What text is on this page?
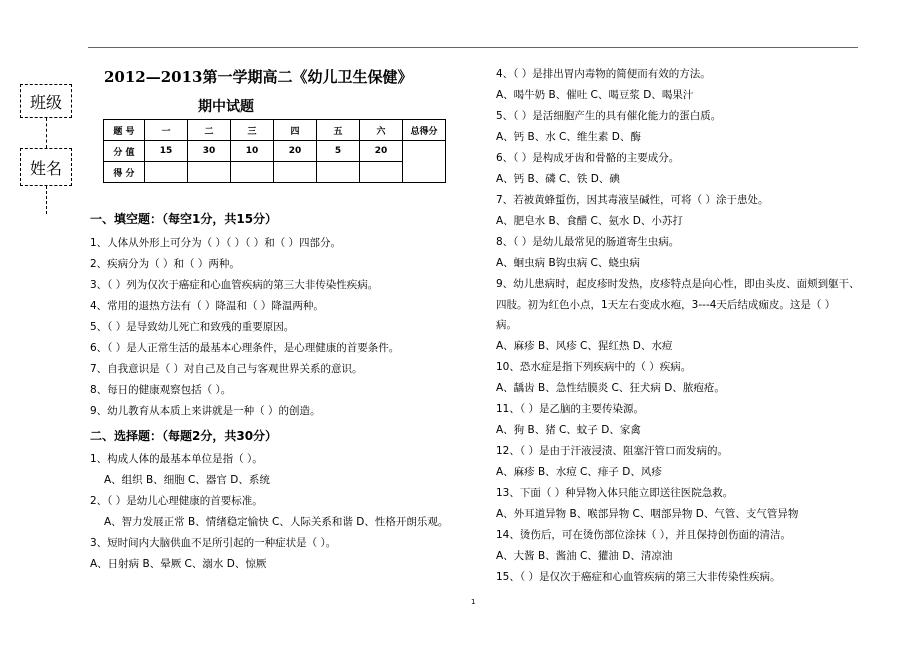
班级
姓名
2012—2013第一学期高二《幼儿卫生保健》
期中试题
题 号	一	二	三	四	五	六	总得分
分 值	15	30	10	20	5	20	
得 分							
一、填空题：（每空1分，共15分）
1、人体从外形上可分为（ ）（ ）（ ）和（ ）四部分。
2、疾病分为（ ）和（ ）两种。
3、（ ）列为仅次于癌症和心血管疾病的第三大非传染性疾病。
4、常用的退热方法有（ ）降温和（ ）降温两种。
5、（ ）是导致幼儿死亡和致残的重要原因。
6、（ ）是人正常生活的最基本心理条件，是心理健康的首要条件。
7、自我意识是（ ）对自己及自己与客观世界关系的意识。
8、每日的健康观察包括（ ）。
9、幼儿教育从本质上来讲就是一种（ ）的创造。
二、选择题：（每题2分，共30分）
1、构成人体的最基本单位是指（ ）。
A、组织 B、细胞 C、器官 D、系统
2、（ ）是幼儿心理健康的首要标准。
A、智力发展正常 B、情绪稳定愉快 C、人际关系和谐 D、性格开朗乐观。
3、短时间内大脑供血不足所引起的一种症状是（ ）。
A、日射病 B、晕厥 C、溺水 D、惊厥
4、（ ）是排出胃内毒物的简便而有效的方法。
A、喝牛奶 B、催吐 C、喝豆浆 D、喝果汁
5、（ ）是活细胞产生的具有催化能力的蛋白质。
A、钙 B、水 C、维生素 D、酶
6、（ ）是构成牙齿和骨骼的主要成分。
A、钙 B、磷 C、铁 D、碘
7、若被黄蜂蜇伤，因其毒液呈碱性，可将（ ）涂于患处。
A、肥皂水 B、食醋 C、氨水 D、小苏打
8、（ ）是幼儿最常见的肠道寄生虫病。
A、蛔虫病 B钩虫病 C、蛲虫病
9、幼儿患病时，起皮疹时发热，皮疹特点是向心性，即由头皮、面颊到躯干、
四肢。初为红色小点，1天左右变成水疱，3---4天后结成痂皮。这是（ ）
病。
A、麻疹 B、风疹 C、猩红热 D、水痘
10、恐水症是指下列疾病中的（ ）疾病。
A、龋齿 B、急性结膜炎 C、狂犬病 D、脓疱疮。
11、（ ）是乙脑的主要传染源。
A、狗 B、猪 C、蚊子 D、家禽
12、（ ）是由于汗液浸渍、阻塞汗管口而发病的。
A、麻疹 B、水痘 C、痱子 D、风疹
13、下面（ ）种异物入体只能立即送往医院急救。
A、外耳道异物 B、喉部异物 C、咽部异物 D、气管、支气管异物
14、烫伤后，可在烫伤部位涂抹（ ），并且保持创伤面的清洁。
A、大酱 B、酱油 C、獾油 D、清凉油
15、（ ）是仅次于癌症和心血管疾病的第三大非传染性疾病。
1
